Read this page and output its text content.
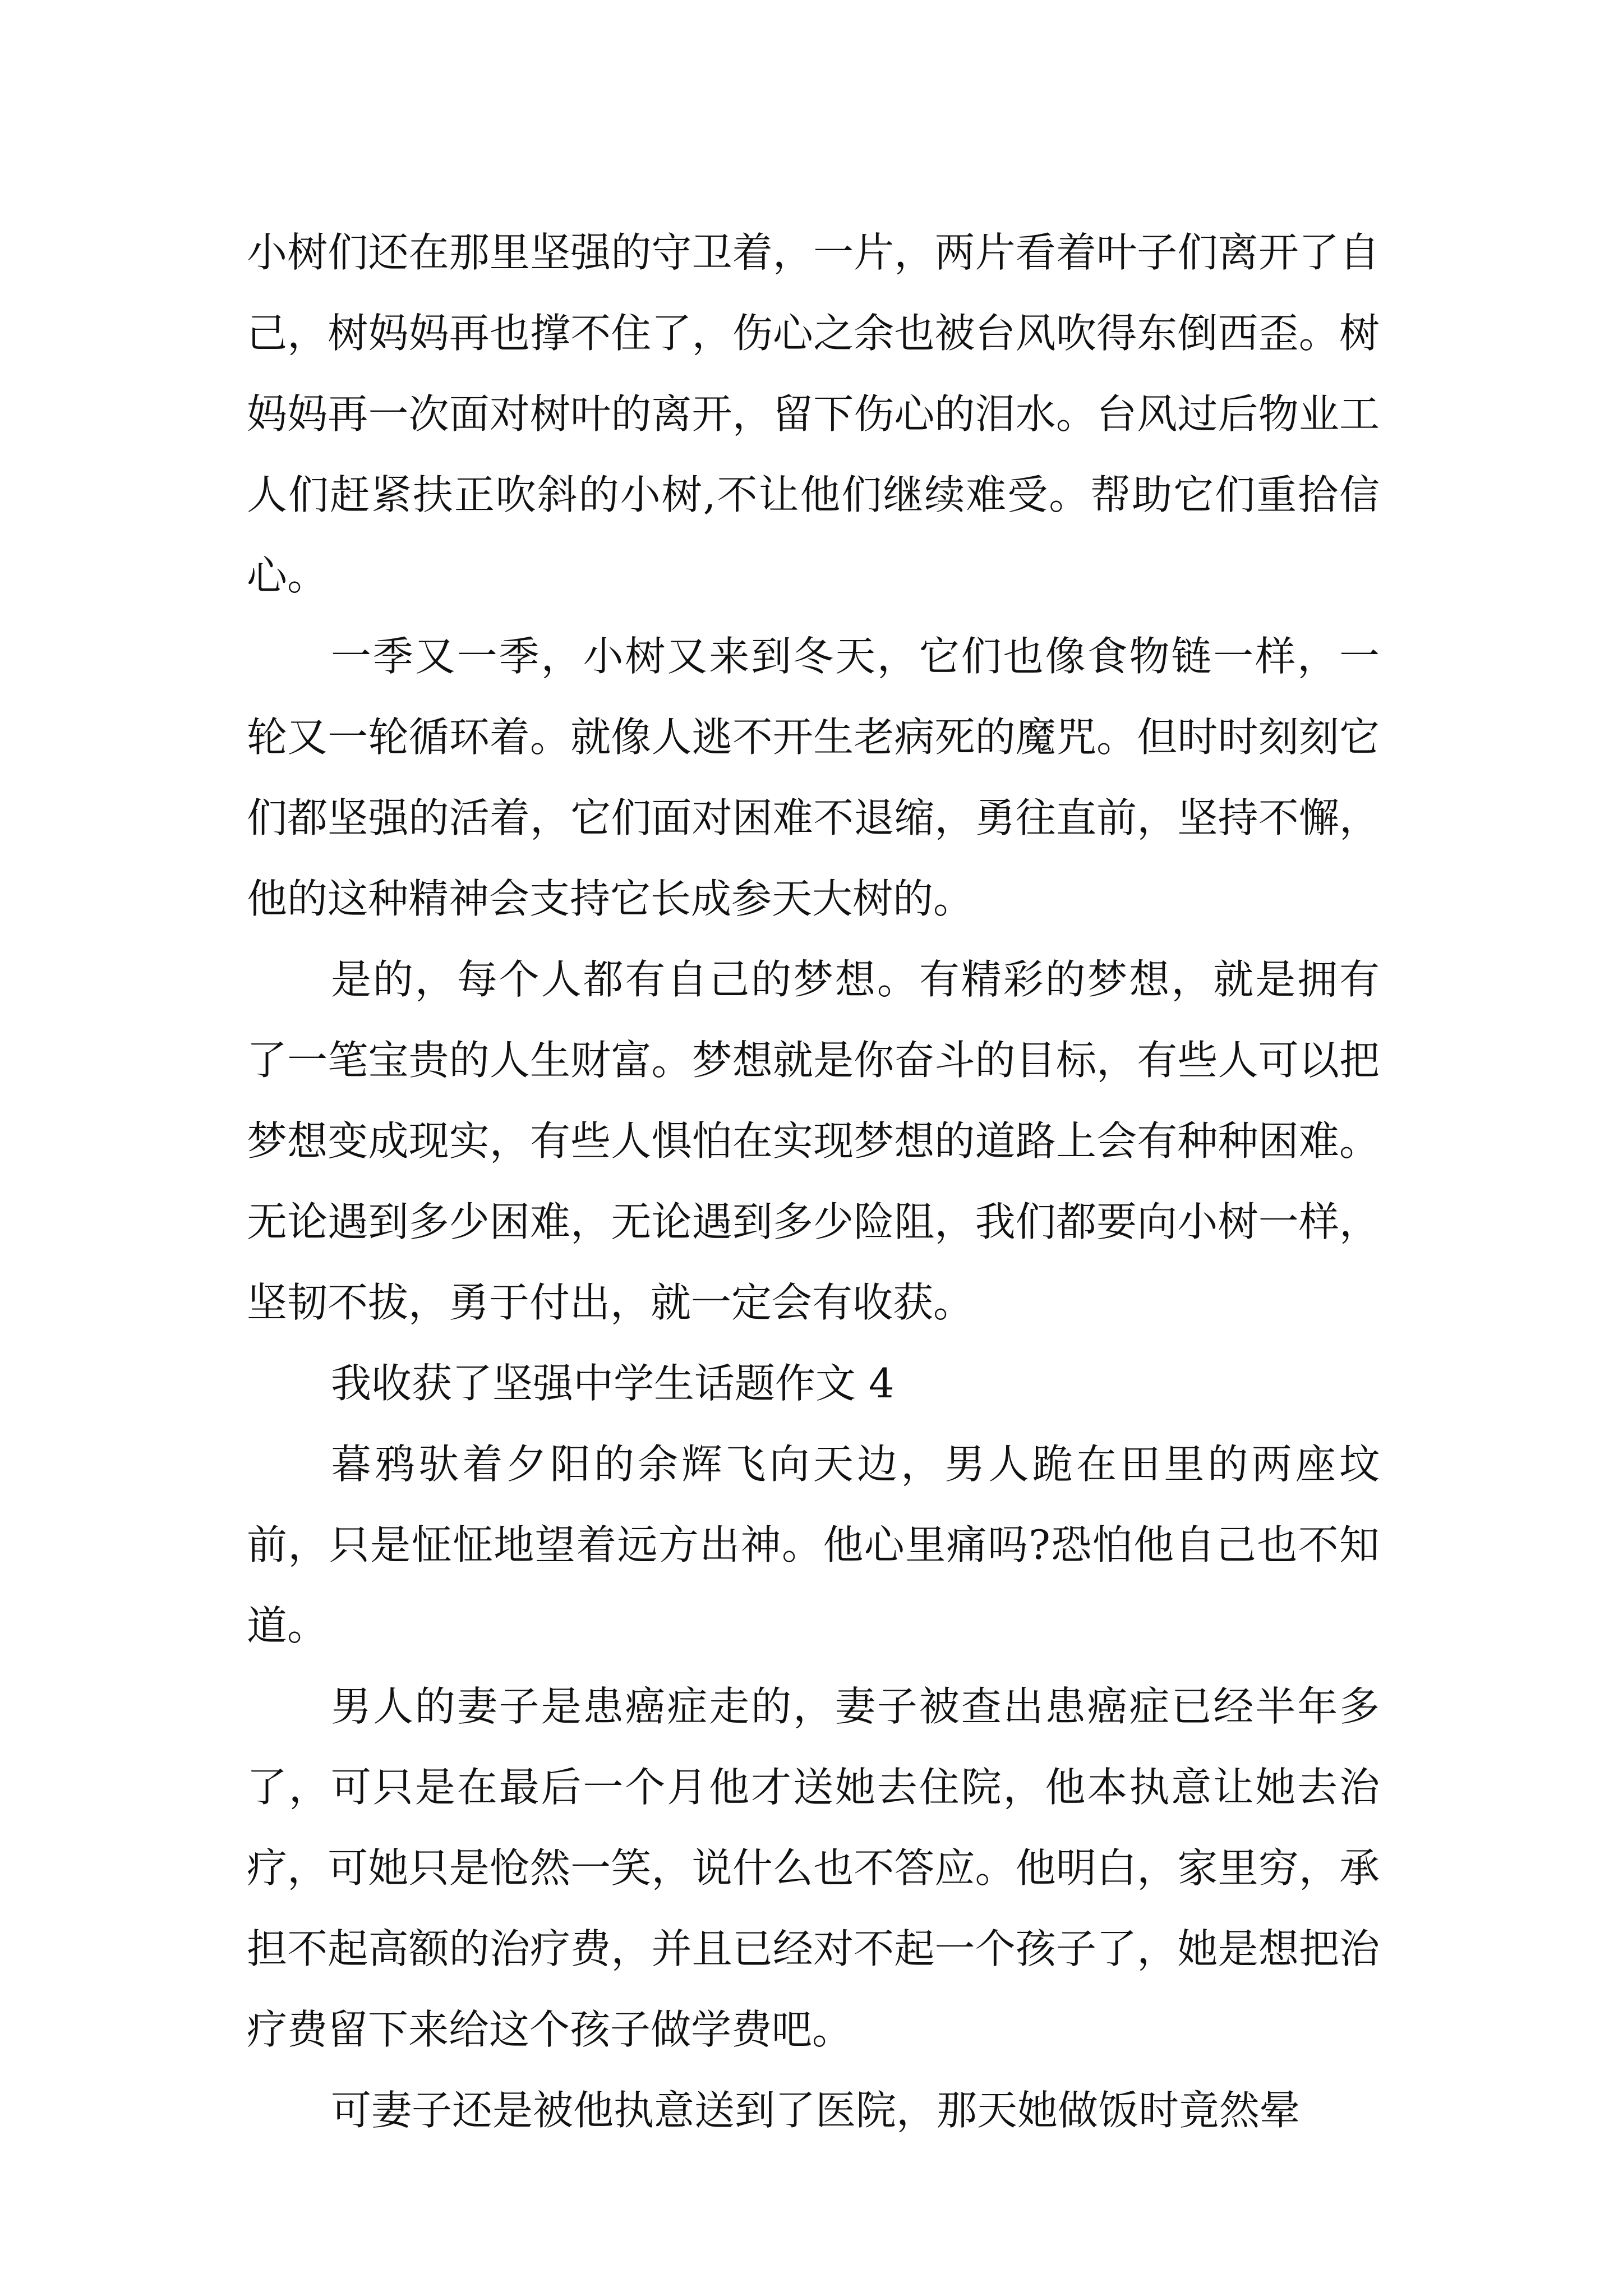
小树们还在那里坚强的守卫着，一片，两片看着叶子们离开了自己，树妈妈再也撑不住了，伤心之余也被台风吹得东倒西歪。树妈妈再一次面对树叶的离开，留下伤心的泪水。台风过后物业工人们赶紧扶正吹斜的小树,不让他们继续难受。帮助它们重拾信心。

一季又一季，小树又来到冬天，它们也像食物链一样，一轮又一轮循环着。就像人逃不开生老病死的魔咒。但时时刻刻它们都坚强的活着，它们面对困难不退缩，勇往直前，坚持不懈，他的这种精神会支持它长成参天大树的。

是的，每个人都有自己的梦想。有精彩的梦想，就是拥有了一笔宝贵的人生财富。梦想就是你奋斗的目标，有些人可以把梦想变成现实，有些人惧怕在实现梦想的道路上会有种种困难。无论遇到多少困难，无论遇到多少险阻，我们都要向小树一样，坚韧不拔，勇于付出，就一定会有收获。

我收获了坚强中学生话题作文 4

暮鸦驮着夕阳的余辉飞向天边，男人跪在田里的两座坟前，只是怔怔地望着远方出神。他心里痛吗?恐怕他自己也不知道。

男人的妻子是患癌症走的，妻子被查出患癌症已经半年多了，可只是在最后一个月他才送她去住院，他本执意让她去治疗，可她只是怆然一笑，说什么也不答应。他明白，家里穷，承担不起高额的治疗费，并且已经对不起一个孩子了，她是想把治疗费留下来给这个孩子做学费吧。

可妻子还是被他执意送到了医院，那天她做饭时竟然晕
